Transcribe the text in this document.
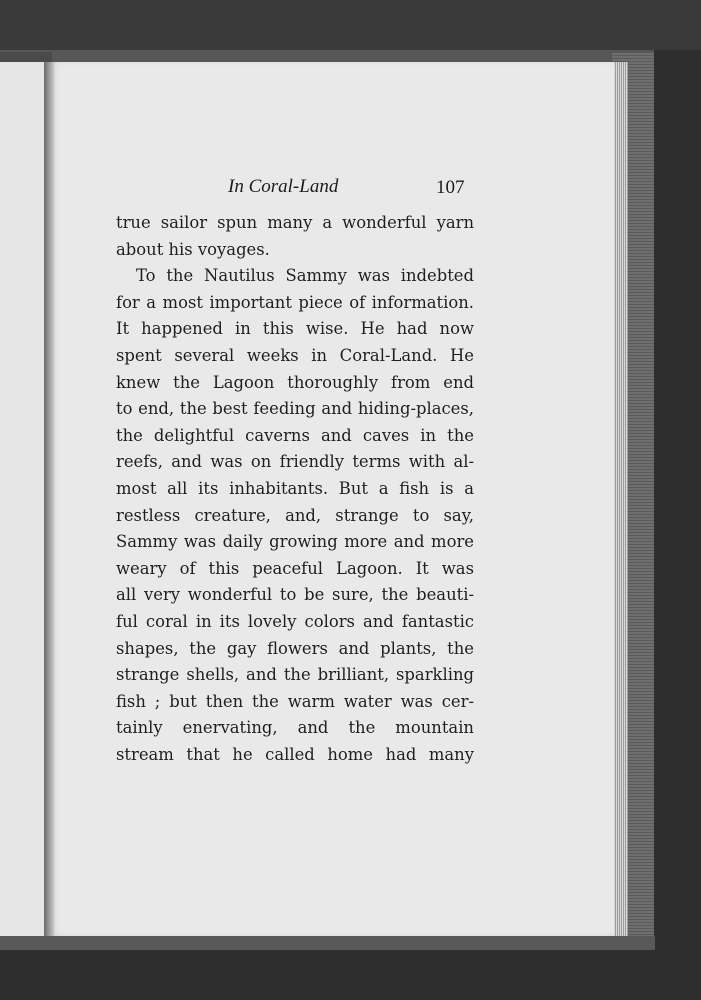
In Coral-Land	107
true sailor spun many a wonderful yarn
about his voyages.
To the Nautilus Sammy was indebted
for a most important piece of information.
It happened in this wise. He had now
spent several weeks in Coral-Land. He
knew the Lagoon thoroughly from end
to end, the best feeding and hiding-places,
the delightful caverns and caves in the
reefs, and was on friendly terms with al-
most all its inhabitants. But a fish is a
restless creature, and, strange to say,
Sammy was daily growing more and more
weary of this peaceful Lagoon. It was
all very wonderful to be sure, the beauti-
ful coral in its lovely colors and fantastic
shapes, the gay flowers and plants, the
strange shells, and the brilliant, sparkling
fish ; but then the warm water was cer-
tainly enervating, and the mountain
stream that he called home had many
